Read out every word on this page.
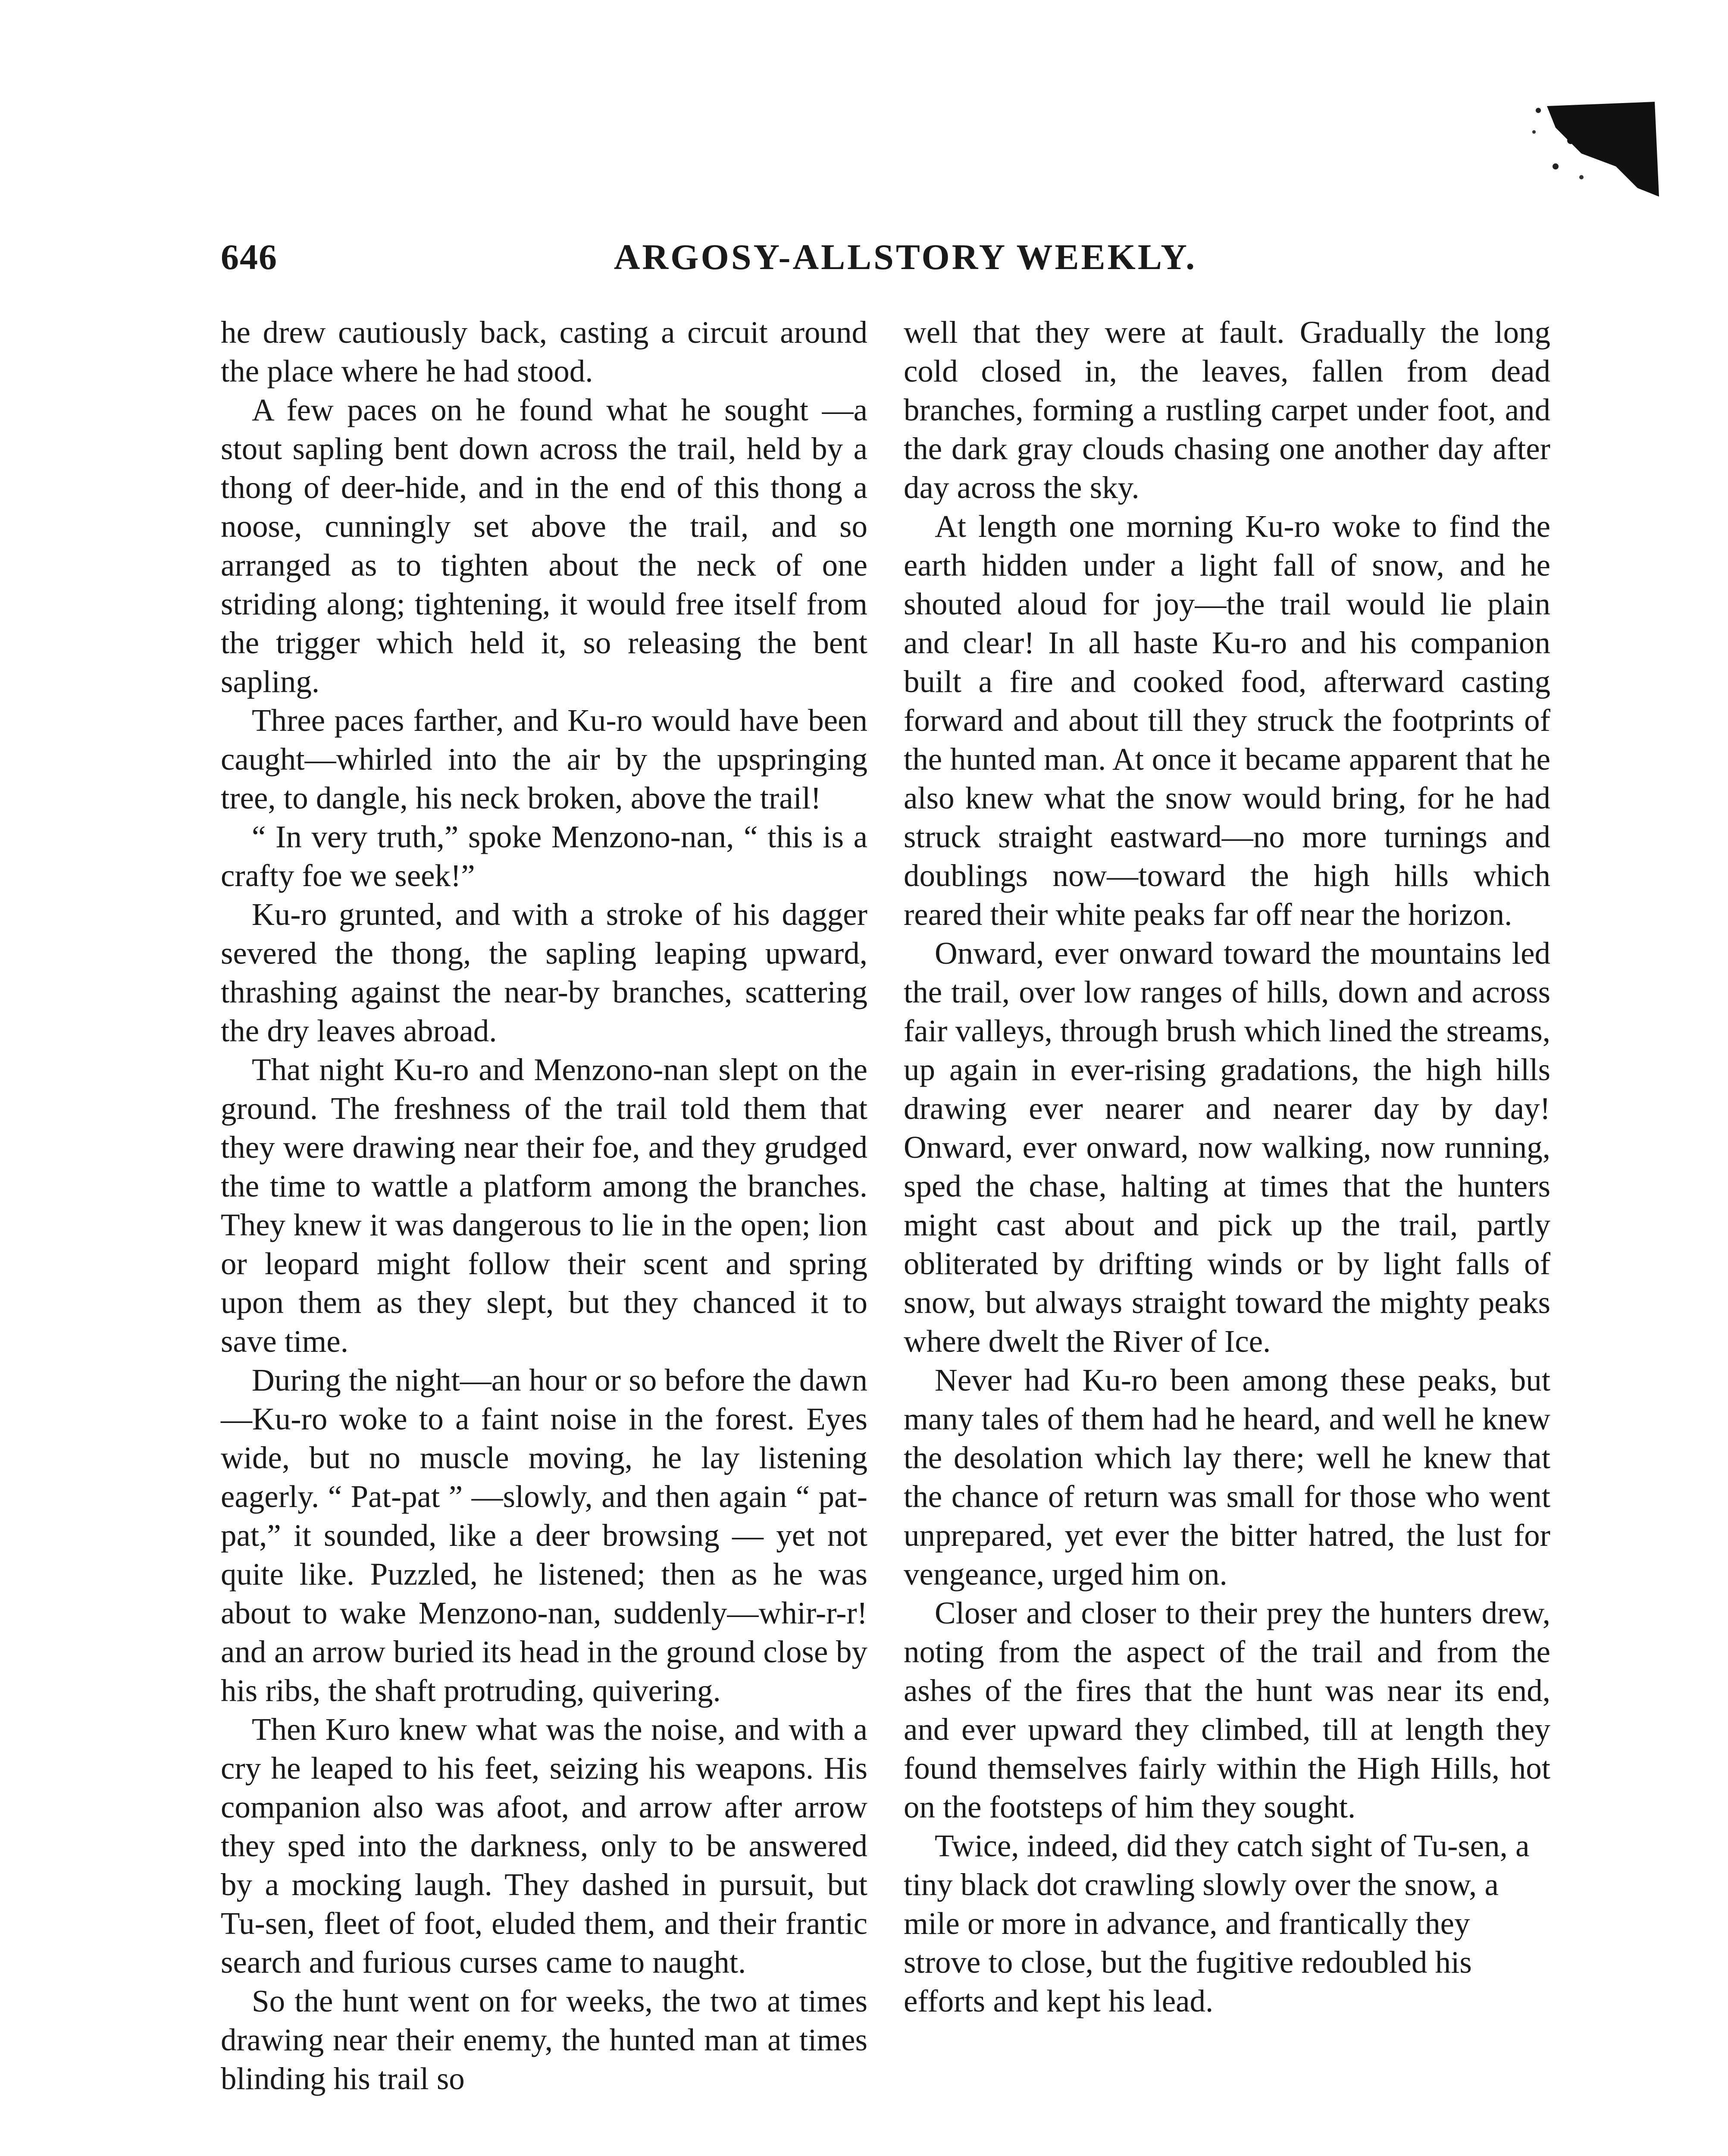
646	ARGOSY-ALLSTORY WEEKLY.

he drew cautiously back, casting a circuit around the place where he had stood.

A few paces on he found what he sought —a stout sapling bent down across the trail, held by a thong of deer-hide, and in the end of this thong a noose, cunningly set above the trail, and so arranged as to tighten about the neck of one striding along; tightening, it would free itself from the trigger which held it, so releasing the bent sapling.

Three paces farther, and Ku-ro would have been caught—whirled into the air by the upspringing tree, to dangle, his neck broken, above the trail!

“ In very truth,” spoke Menzono-nan, “ this is a crafty foe we seek!”

Ku-ro grunted, and with a stroke of his dagger severed the thong, the sapling leaping upward, thrashing against the near-by branches, scattering the dry leaves abroad.

That night Ku-ro and Menzono-nan slept on the ground. The freshness of the trail told them that they were drawing near their foe, and they grudged the time to wattle a platform among the branches. They knew it was dangerous to lie in the open; lion or leopard might follow their scent and spring upon them as they slept, but they chanced it to save time.

During the night—an hour or so before the dawn—Ku-ro woke to a faint noise in the forest. Eyes wide, but no muscle moving, he lay listening eagerly. “ Pat-pat ” —slowly, and then again “ pat-pat,” it sounded, like a deer browsing — yet not quite like. Puzzled, he listened; then as he was about to wake Menzono-nan, suddenly—whir-r-r! and an arrow buried its head in the ground close by his ribs, the shaft protruding, quivering.

Then Kuro knew what was the noise, and with a cry he leaped to his feet, seizing his weapons. His companion also was afoot, and arrow after arrow they sped into the darkness, only to be answered by a mocking laugh. They dashed in pursuit, but Tu-sen, fleet of foot, eluded them, and their frantic search and furious curses came to naught.

So the hunt went on for weeks, the two at times drawing near their enemy, the hunted man at times blinding his trail so

well that they were at fault. Gradually the long cold closed in, the leaves, fallen from dead branches, forming a rustling carpet under foot, and the dark gray clouds chasing one another day after day across the sky.

At length one morning Ku-ro woke to find the earth hidden under a light fall of snow, and he shouted aloud for joy—the trail would lie plain and clear! In all haste Ku-ro and his companion built a fire and cooked food, afterward casting forward and about till they struck the footprints of the hunted man. At once it became apparent that he also knew what the snow would bring, for he had struck straight eastward—no more turnings and doublings now—toward the high hills which reared their white peaks far off near the horizon.

Onward, ever onward toward the mountains led the trail, over low ranges of hills, down and across fair valleys, through brush which lined the streams, up again in ever-rising gradations, the high hills drawing ever nearer and nearer day by day! Onward, ever onward, now walking, now running, sped the chase, halting at times that the hunters might cast about and pick up the trail, partly obliterated by drifting winds or by light falls of snow, but always straight toward the mighty peaks where dwelt the River of Ice.

Never had Ku-ro been among these peaks, but many tales of them had he heard, and well he knew the desolation which lay there; well he knew that the chance of return was small for those who went unprepared, yet ever the bitter hatred, the lust for vengeance, urged him on.

Closer and closer to their prey the hunters drew, noting from the aspect of the trail and from the ashes of the fires that the hunt was near its end, and ever upward they climbed, till at length they found themselves fairly within the High Hills, hot on the footsteps of him they sought.

Twice, indeed, did they catch sight of Tu-sen, a tiny black dot crawling slowly over the snow, a mile or more in advance, and frantically they strove to close, but the fugitive redoubled his efforts and kept his lead.
